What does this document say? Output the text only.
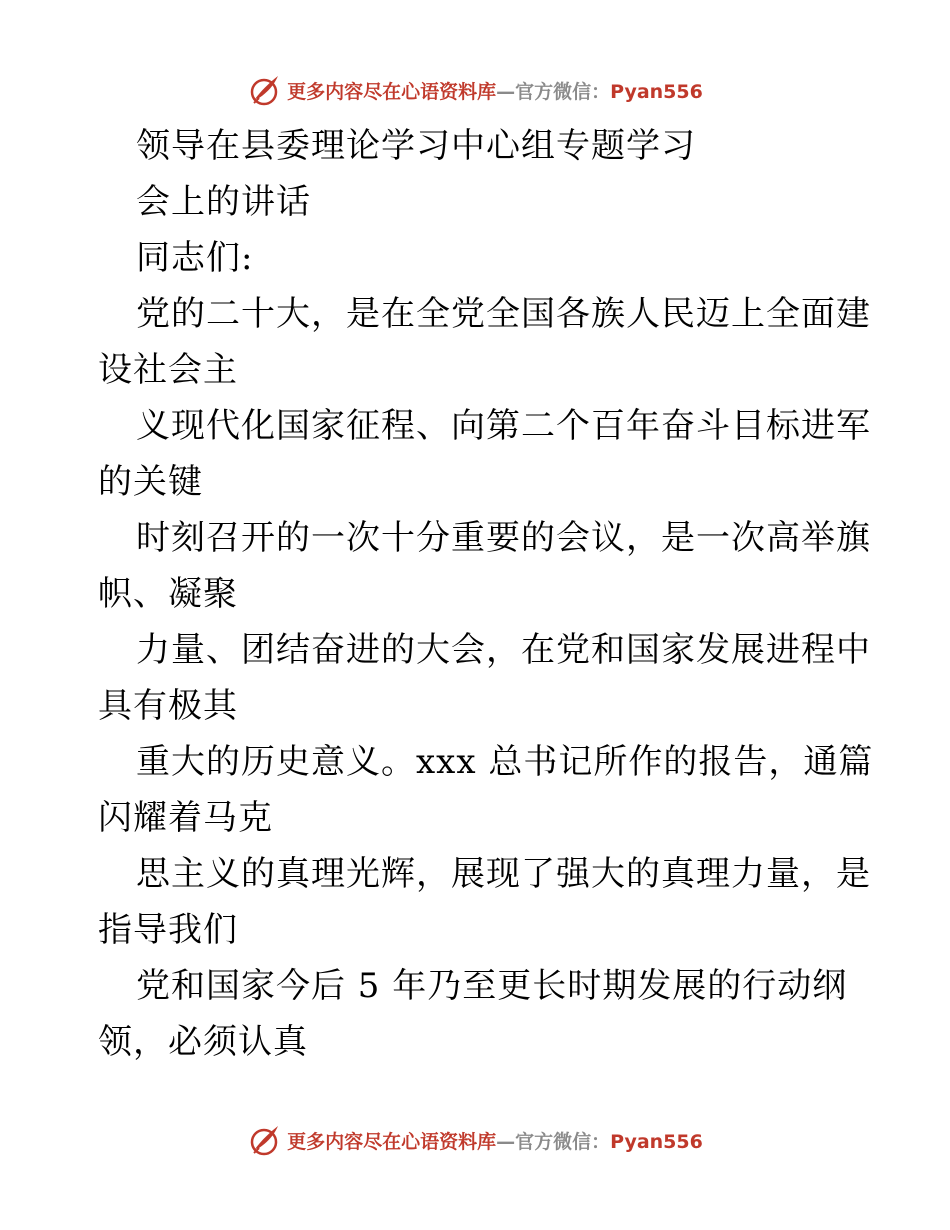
更多内容尽在心语资料库—官方微信：Pyan556
领导在县委理论学习中心组专题学习
会上的讲话
同志们:
党的二十大，是在全党全国各族人民迈上全面建
设社会主
义现代化国家征程、向第二个百年奋斗目标进军
的关键
时刻召开的一次十分重要的会议，是一次高举旗
帜、凝聚
力量、团结奋进的大会，在党和国家发展进程中
具有极其
重大的历史意义。xxx 总书记所作的报告，通篇
闪耀着马克
思主义的真理光辉，展现了强大的真理力量，是
指导我们
党和国家今后 5 年乃至更长时期发展的行动纲
领，必须认真
更多内容尽在心语资料库—官方微信：Pyan556
